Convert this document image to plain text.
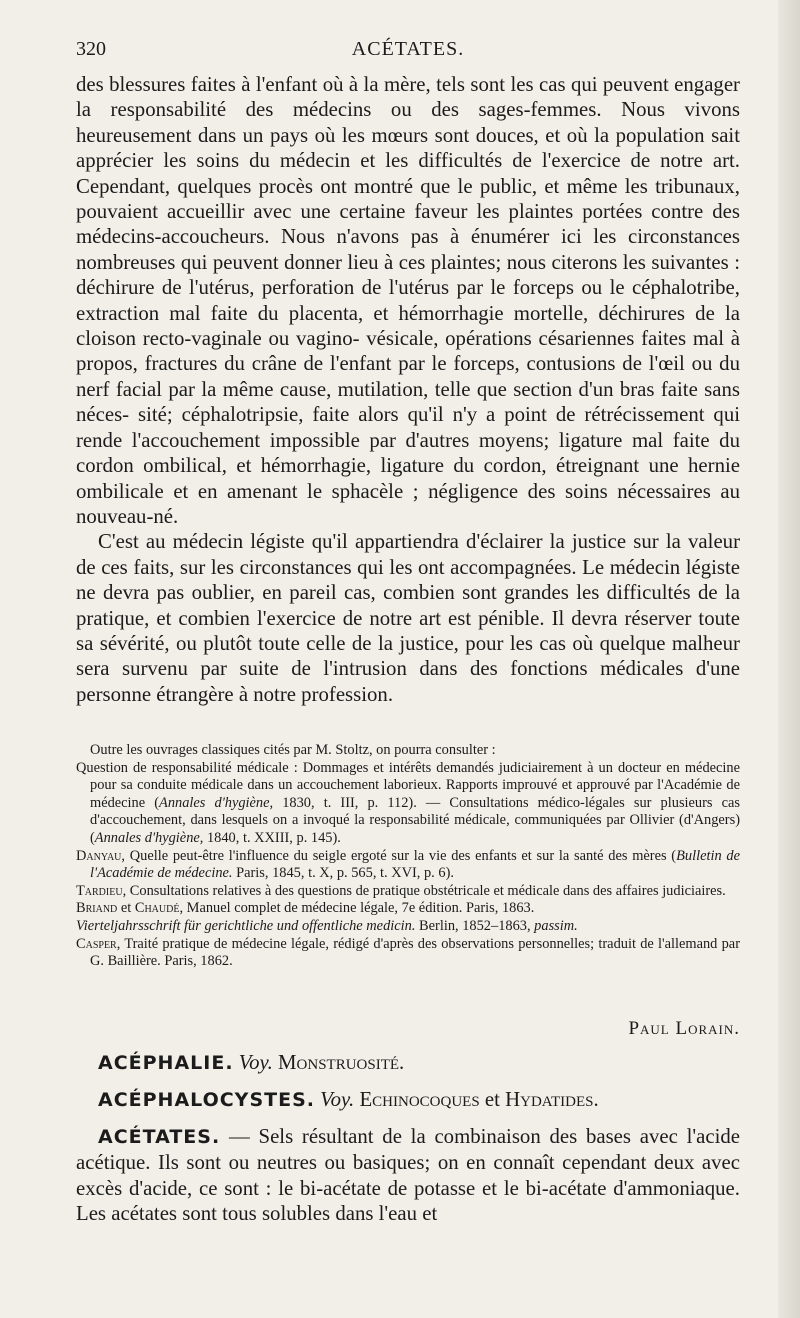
320	ACÉTATES.

des blessures faites à l'enfant où à la mère, tels sont les cas qui peuvent engager la responsabilité des médecins ou des sages-femmes. Nous vivons heureusement dans un pays où les mœurs sont douces, et où la population sait apprécier les soins du médecin et les difficultés de l'exercice de notre art. Cependant, quelques procès ont montré que le public, et même les tribunaux, pouvaient accueillir avec une certaine faveur les plaintes portées contre des médecins-accoucheurs. Nous n'avons pas à énumérer ici les circonstances nombreuses qui peuvent donner lieu à ces plaintes; nous citerons les suivantes : déchirure de l'utérus, perforation de l'utérus par le forceps ou le céphalotribe, extraction mal faite du placenta, et hémorrhagie mortelle, déchirures de la cloison recto-vaginale ou vagino- vésicale, opérations césariennes faites mal à propos, fractures du crâne de l'enfant par le forceps, contusions de l'œil ou du nerf facial par la même cause, mutilation, telle que section d'un bras faite sans néces- sité; céphalotripsie, faite alors qu'il n'y a point de rétrécissement qui rende l'accouchement impossible par d'autres moyens; ligature mal faite du cordon ombilical, et hémorrhagie, ligature du cordon, étreignant une hernie ombilicale et en amenant le sphacèle ; négligence des soins nécessaires au nouveau-né.

C'est au médecin légiste qu'il appartiendra d'éclairer la justice sur la valeur de ces faits, sur les circonstances qui les ont accompagnées. Le médecin légiste ne devra pas oublier, en pareil cas, combien sont grandes les difficultés de la pratique, et combien l'exercice de notre art est pénible. Il devra réserver toute sa sévérité, ou plutôt toute celle de la justice, pour les cas où quelque malheur sera survenu par suite de l'intrusion dans des fonctions médicales d'une personne étrangère à notre profession.

Outre les ouvrages classiques cités par M. Stoltz, on pourra consulter :

Question de responsabilité médicale : Dommages et intérêts demandés judiciairement à un docteur en médecine pour sa conduite médicale dans un accouchement laborieux. Rapports improuvé et approuvé par l'Académie de médecine (Annales d'hygiène, 1830, t. III, p. 112). — Consultations médico-légales sur plusieurs cas d'accouchement, dans lesquels on a invoqué la responsabilité médicale, communiquées par Ollivier (d'Angers) (Annales d'hygiène, 1840, t. XXIII, p. 145).

Danyau, Quelle peut-être l'influence du seigle ergoté sur la vie des enfants et sur la santé des mères (Bulletin de l'Académie de médecine. Paris, 1845, t. X, p. 565, t. XVI, p. 6).

Tardieu, Consultations relatives à des questions de pratique obstétricale et médicale dans des affaires judiciaires.

Briand et Chaudé, Manuel complet de médecine légale, 7e édition. Paris, 1863.

Vierteljahrsschrift für gerichtliche und offentliche medicin. Berlin, 1852–1863, passim.

Casper, Traité pratique de médecine légale, rédigé d'après des observations personnelles; traduit de l'allemand par G. Baillière. Paris, 1862.

Paul Lorain.
ACÉPHALIE. Voy. Monstruosité.
ACÉPHALOCYSTES. Voy. Echinocoques et Hydatides.
ACÉTATES. — Sels résultant de la combinaison des bases avec l'acide acétique. Ils sont ou neutres ou basiques; on en connaît cependant deux avec excès d'acide, ce sont : le bi-acétate de potasse et le bi-acétate d'ammoniaque. Les acétates sont tous solubles dans l'eau et
